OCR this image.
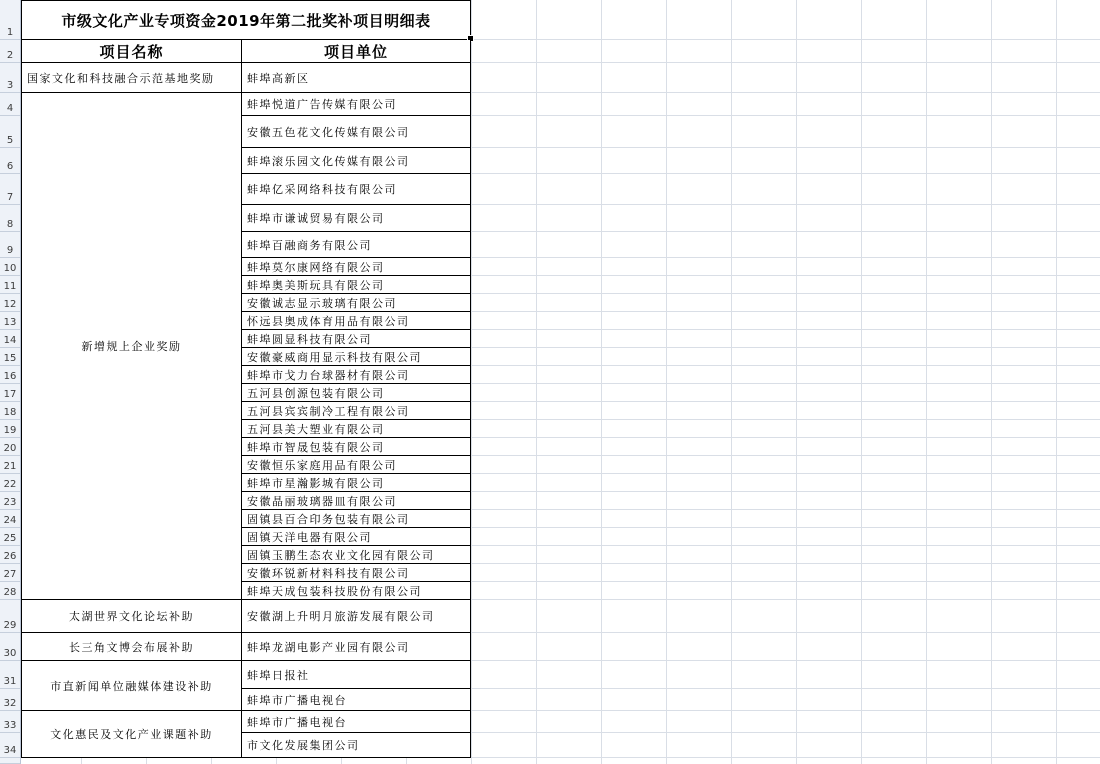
1
2
3
4
5
6
7
8
9
10
11
12
13
14
15
16
17
18
19
20
21
22
23
24
25
26
27
28
29
30
31
32
33
34
市级文化产业专项资金2019年第二批奖补项目明细表
项目名称	项目单位
国家文化和科技融合示范基地奖励
新增规上企业奖励
太湖世界文化论坛补助
长三角文博会布展补助
市直新闻单位融媒体建设补助
文化惠民及文化产业课题补助
蚌埠高新区
蚌埠悦道广告传媒有限公司
安徽五色花文化传媒有限公司
蚌埠滚乐园文化传媒有限公司
蚌埠亿采网络科技有限公司
蚌埠市谦诚贸易有限公司
蚌埠百融商务有限公司
蚌埠莫尔康网络有限公司
蚌埠奥美斯玩具有限公司
安徽诚志显示玻璃有限公司
怀远县奥成体育用品有限公司
蚌埠圆显科技有限公司
安徽豪威商用显示科技有限公司
蚌埠市戈力台球器材有限公司
五河县创源包装有限公司
五河县宾宾制冷工程有限公司
五河县美大塑业有限公司
蚌埠市智晟包装有限公司
安徽恒乐家庭用品有限公司
蚌埠市星瀚影城有限公司
安徽晶丽玻璃器皿有限公司
固镇县百合印务包装有限公司
固镇天洋电器有限公司
固镇玉鹏生态农业文化园有限公司
安徽环锐新材料科技有限公司
蚌埠天成包装科技股份有限公司
安徽湖上升明月旅游发展有限公司
蚌埠龙湖电影产业园有限公司
蚌埠日报社
蚌埠市广播电视台
蚌埠市广播电视台
市文化发展集团公司
